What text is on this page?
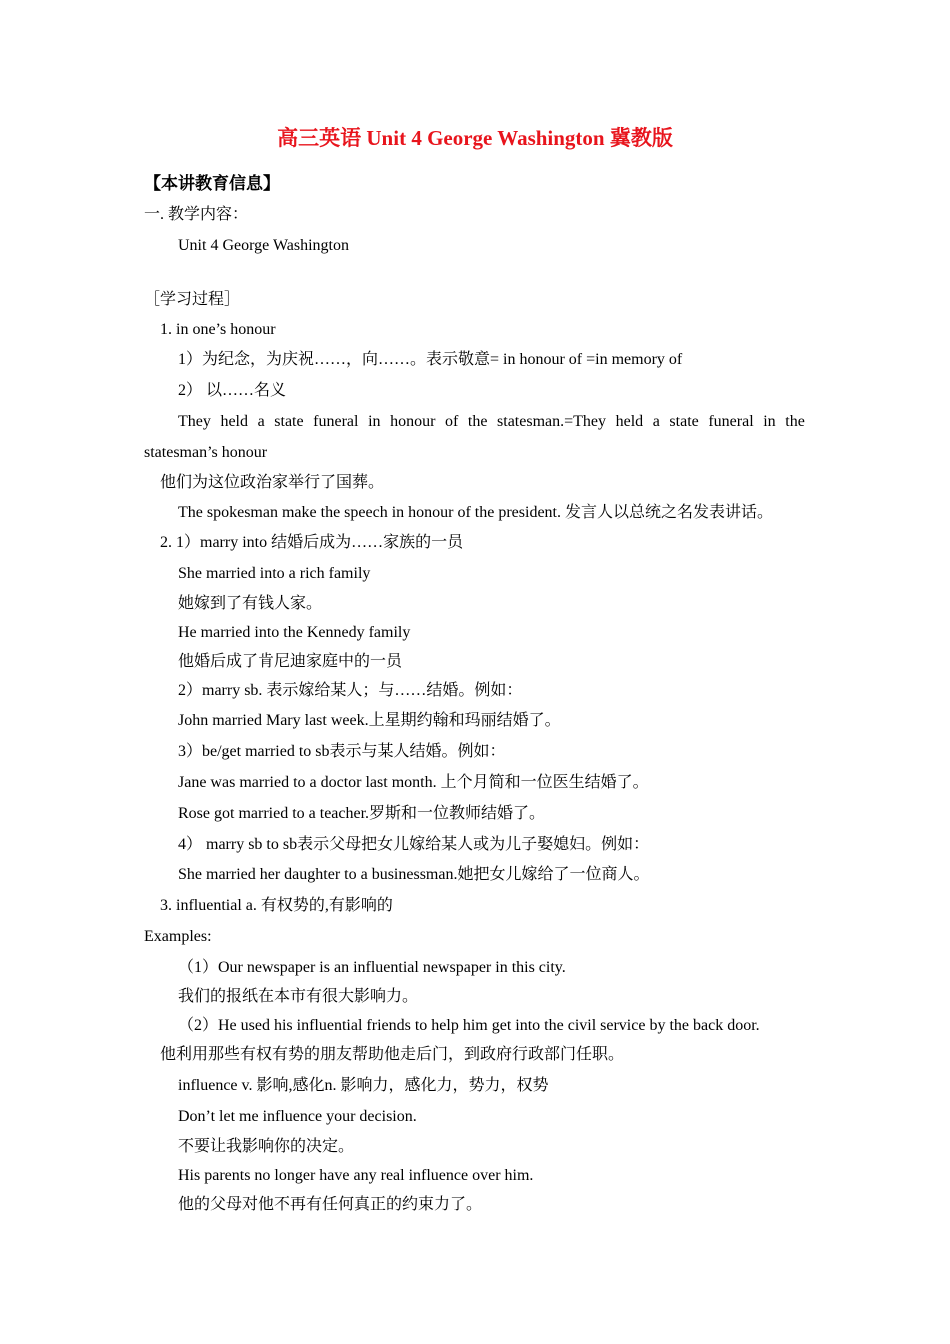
高三英语 Unit 4 George Washington 冀教版
【本讲教育信息】
一. 教学内容：
Unit 4 George Washington
［学习过程］
1. in one’s honour
1）为纪念，为庆祝……，向……。表示敬意= in honour of =in memory of
2） 以……名义
They held a state funeral in honour of the statesman.=They held a state funeral in the
statesman’s honour
他们为这位政治家举行了国葬。
The spokesman make the speech in honour of the president. 发言人以总统之名发表讲话。
2. 1）marry into 结婚后成为……家族的一员
She married into a rich family
她嫁到了有钱人家。
He married into the Kennedy family
他婚后成了肯尼迪家庭中的一员
2）marry sb. 表示嫁给某人；与……结婚。例如：
John married Mary last week.上星期约翰和玛丽结婚了。
3）be/get married to sb表示与某人结婚。例如：
Jane was married to a doctor last month. 上个月简和一位医生结婚了。
Rose got married to a teacher.罗斯和一位教师结婚了。
4） marry sb to sb表示父母把女儿嫁给某人或为儿子娶媳妇。例如：
She married her daughter to a businessman.她把女儿嫁给了一位商人。
3. influential a. 有权势的,有影响的
Examples:
（1）Our newspaper is an influential newspaper in this city.
我们的报纸在本市有很大影响力。
（2）He used his influential friends to help him get into the civil service by the back door.
他利用那些有权有势的朋友帮助他走后门，到政府行政部门任职。
influence v. 影响,感化n. 影响力，感化力，势力，权势
Don’t let me influence your decision.
不要让我影响你的决定。
His parents no longer have any real influence over him.
他的父母对他不再有任何真正的约束力了。
